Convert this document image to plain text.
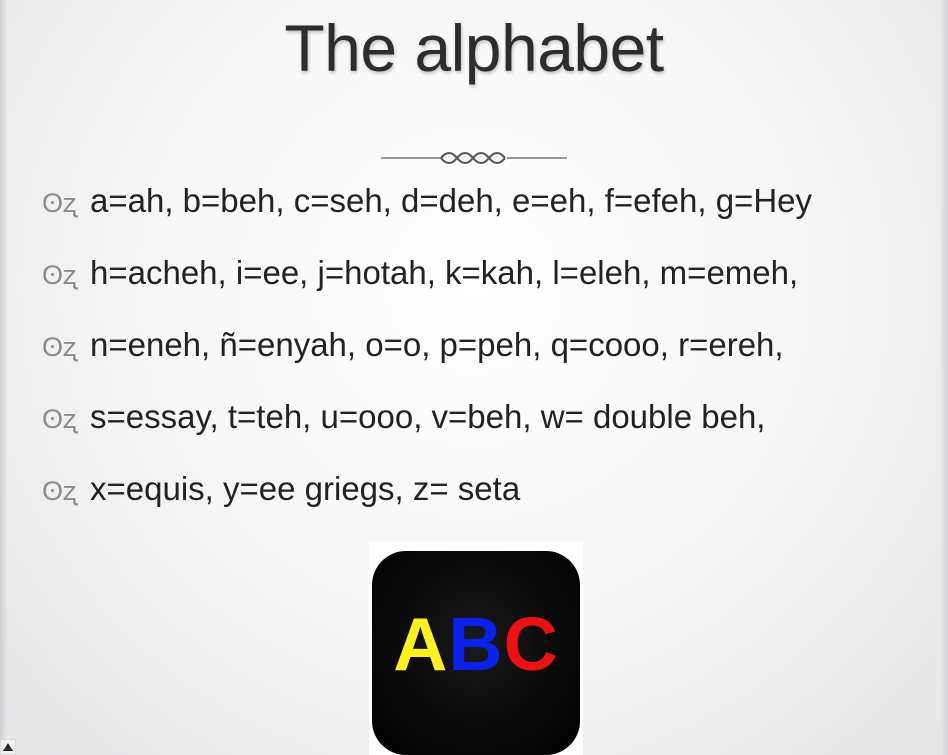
The alphabet
ʘʐ a=ah, b=beh, c=seh, d=deh, e=eh, f=efeh, g=Hey
ʘʐ h=acheh, i=ee, j=hotah, k=kah, l=eleh, m=emeh,
ʘʐ n=eneh, ñ=enyah, o=o, p=peh, q=cooo, r=ereh,
ʘʐ s=essay, t=teh, u=ooo, v=beh, w= double beh,
ʘʐ x=equis, y=ee griegs, z= seta
ABC
